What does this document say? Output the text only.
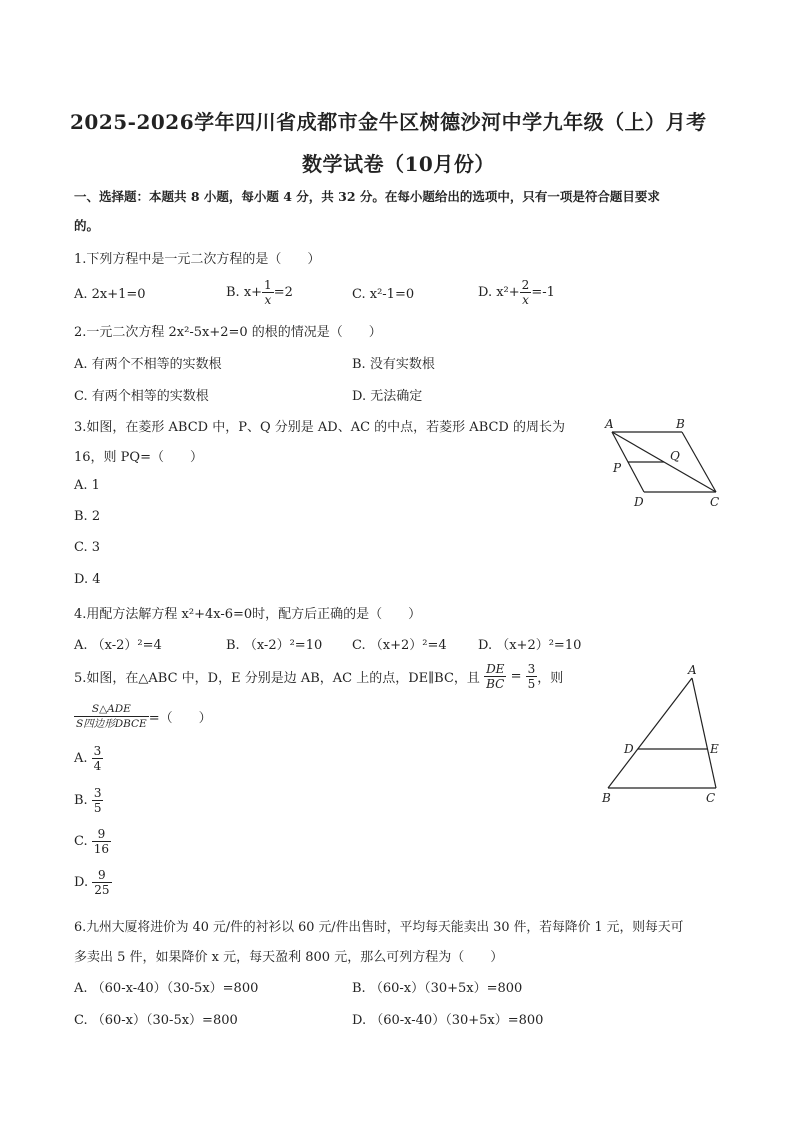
2025-2026学年四川省成都市金牛区树德沙河中学九年级（上）月考
数学试卷（10月份）
一、选择题：本题共 8 小题，每小题 4 分，共 32 分。在每小题给出的选项中，只有一项是符合题目要求
的。
1.下列方程中是一元二次方程的是（　　）
A. 2x+1=0	B. $x+ \frac{1}{x} =2$	C. x²-1=0	D. $x^2+ \frac{2}{x} =-1$
2.一元二次方程 2x²-5x+2=0 的根的情况是（　　）
A. 有两个不相等的实数根	B. 没有实数根
C. 有两个相等的实数根	D. 无法确定
3.如图，在菱形 ABCD 中，P、Q 分别是 AD、AC 的中点，若菱形 ABCD 的周长为
16，则 PQ=（　　）
A. 1
B. 2
C. 3
D. 4
A	B
C
D
P
Q
4.用配方法解方程 x²+4x-6=0时，配方后正确的是（　　）
A. （x-2）²=4	B. （x-2）²=10 C. （x+2）²=4 D. （x+2）²=10
5.如图，在△ABC 中，D，E 分别是边 AB，AC 上的点，DE∥BC，且 $\frac{DE}{BC} = \frac{3}{5}$ ，则
$\frac{\text{S△ADE}}{\text{S四边形DBCE}}$ =（　　）
A. $\frac{3}{4}$
B. $\frac{3}{5}$
C. $\frac{9}{16}$
D. $\frac{9}{25}$
A
B	C
D	E
6.九州大厦将进价为 40 元/件的衬衫以 60 元/件出售时，平均每天能卖出 30 件，若每降价 1 元，则每天可
多卖出 5 件，如果降价 x 元，每天盈利 800 元，那么可列方程为（　　）
A. （60-x-40）（30-5x）=800	B. （60-x）（30+5x）=800
C. （60-x）（30-5x）=800	D. （60-x-40）（30+5x）=800
